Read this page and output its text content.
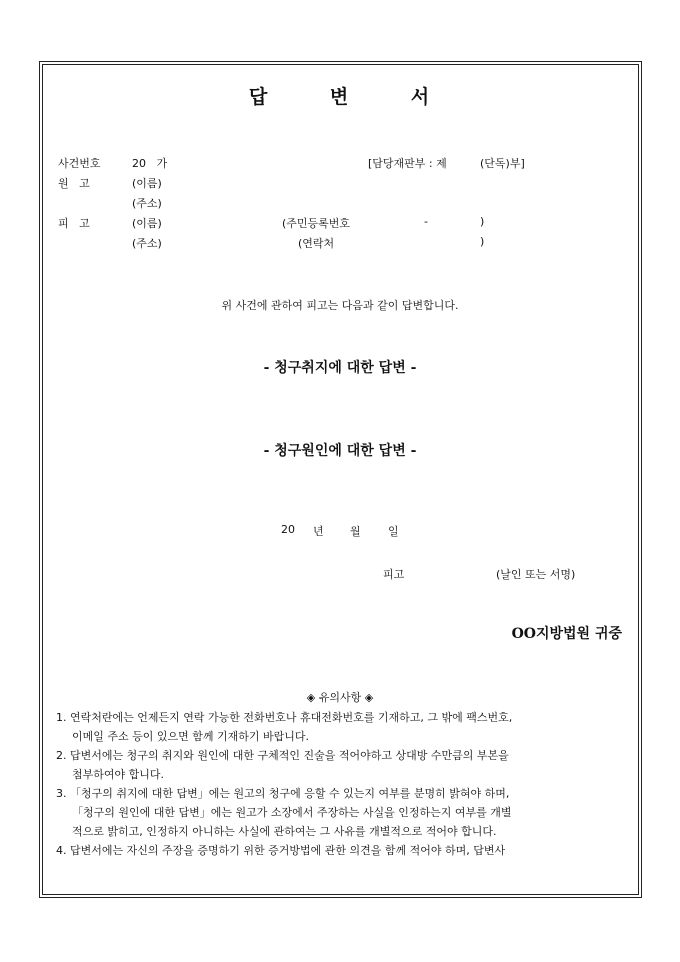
답	변	서
사건번호	20   가	[담당재판부 : 제	(단독)부]
원   고	(이름)
(주소)
피   고	(이름)	(주민등록번호	-	)
(주소)	(연락처	)
위 사건에 관하여 피고는 다음과 같이 답변합니다.
- 청구취지에 대한 답변 -
- 청구원인에 대한 답변 -
20 년 월 일
피고	(날인 또는 서명)
OO지방법원 귀중
◈ 유의사항 ◈
1. 연락처란에는 언제든지 연락 가능한 전화번호나 휴대전화번호를 기재하고, 그 밖에 팩스번호,
이메일 주소 등이 있으면 함께 기재하기 바랍니다.
2. 답변서에는 청구의 취지와 원인에 대한 구체적인 진술을 적어야하고 상대방 수만큼의 부본을
첨부하여야 합니다.
3. 「청구의 취지에 대한 답변」에는 원고의 청구에 응할 수 있는지 여부를 분명히 밝혀야 하며,
「청구의 원인에 대한 답변」에는 원고가 소장에서 주장하는 사실을 인정하는지 여부를 개별
적으로 밝히고, 인정하지 아니하는 사실에 관하여는 그 사유를 개별적으로 적어야 합니다.
4. 답변서에는 자신의 주장을 증명하기 위한 증거방법에 관한 의견을 함께 적어야 하며, 답변사
